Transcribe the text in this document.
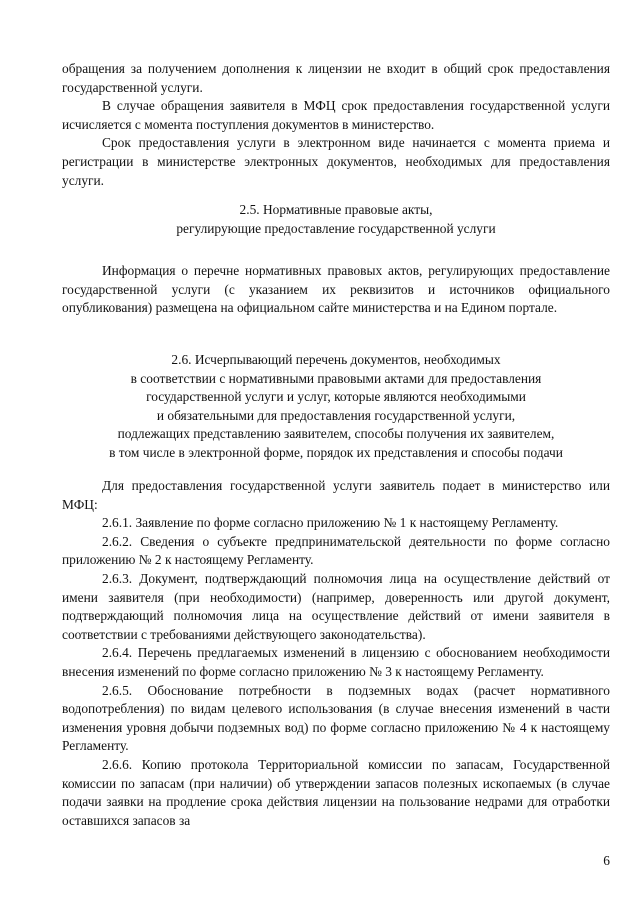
обращения за получением дополнения к лицензии не входит в общий срок предоставления государственной услуги.

В случае обращения заявителя в МФЦ срок предоставления государственной услуги исчисляется с момента поступления документов в министерство.

Срок предоставления услуги в электронном виде начинается с момента приема и регистрации в министерстве электронных документов, необходимых для предоставления услуги.

2.5. Нормативные правовые акты,
регулирующие предоставление государственной услуги

Информация о перечне нормативных правовых актов, регулирующих предоставление государственной услуги (с указанием их реквизитов и источников официального опубликования) размещена на официальном сайте министерства и на Едином портале.

2.6. Исчерпывающий перечень документов, необходимых
в соответствии с нормативными правовыми актами для предоставления
государственной услуги и услуг, которые являются необходимыми
и обязательными для предоставления государственной услуги,
подлежащих представлению заявителем, способы получения их заявителем,
в том числе в электронной форме, порядок их представления и способы подачи

Для предоставления государственной услуги заявитель подает в министерство или МФЦ:

2.6.1. Заявление по форме согласно приложению № 1 к настоящему Регламенту.

2.6.2. Сведения о субъекте предпринимательской деятельности по форме согласно приложению № 2 к настоящему Регламенту.

2.6.3. Документ, подтверждающий полномочия лица на осуществление действий от имени заявителя (при необходимости) (например, доверенность или другой документ, подтверждающий полномочия лица на осуществление действий от имени заявителя в соответствии с требованиями действующего законодательства).

2.6.4. Перечень предлагаемых изменений в лицензию с обоснованием необходимости внесения изменений по форме согласно приложению № 3 к настоящему Регламенту.

2.6.5. Обоснование потребности в подземных водах (расчет нормативного водопотребления) по видам целевого использования (в случае внесения изменений в части изменения уровня добычи подземных вод) по форме согласно приложению № 4 к настоящему Регламенту.

2.6.6. Копию протокола Территориальной комиссии по запасам, Государственной комиссии по запасам (при наличии) об утверждении запасов полезных ископаемых (в случае подачи заявки на продление срока действия лицензии на пользование недрами для отработки оставшихся запасов за

6
